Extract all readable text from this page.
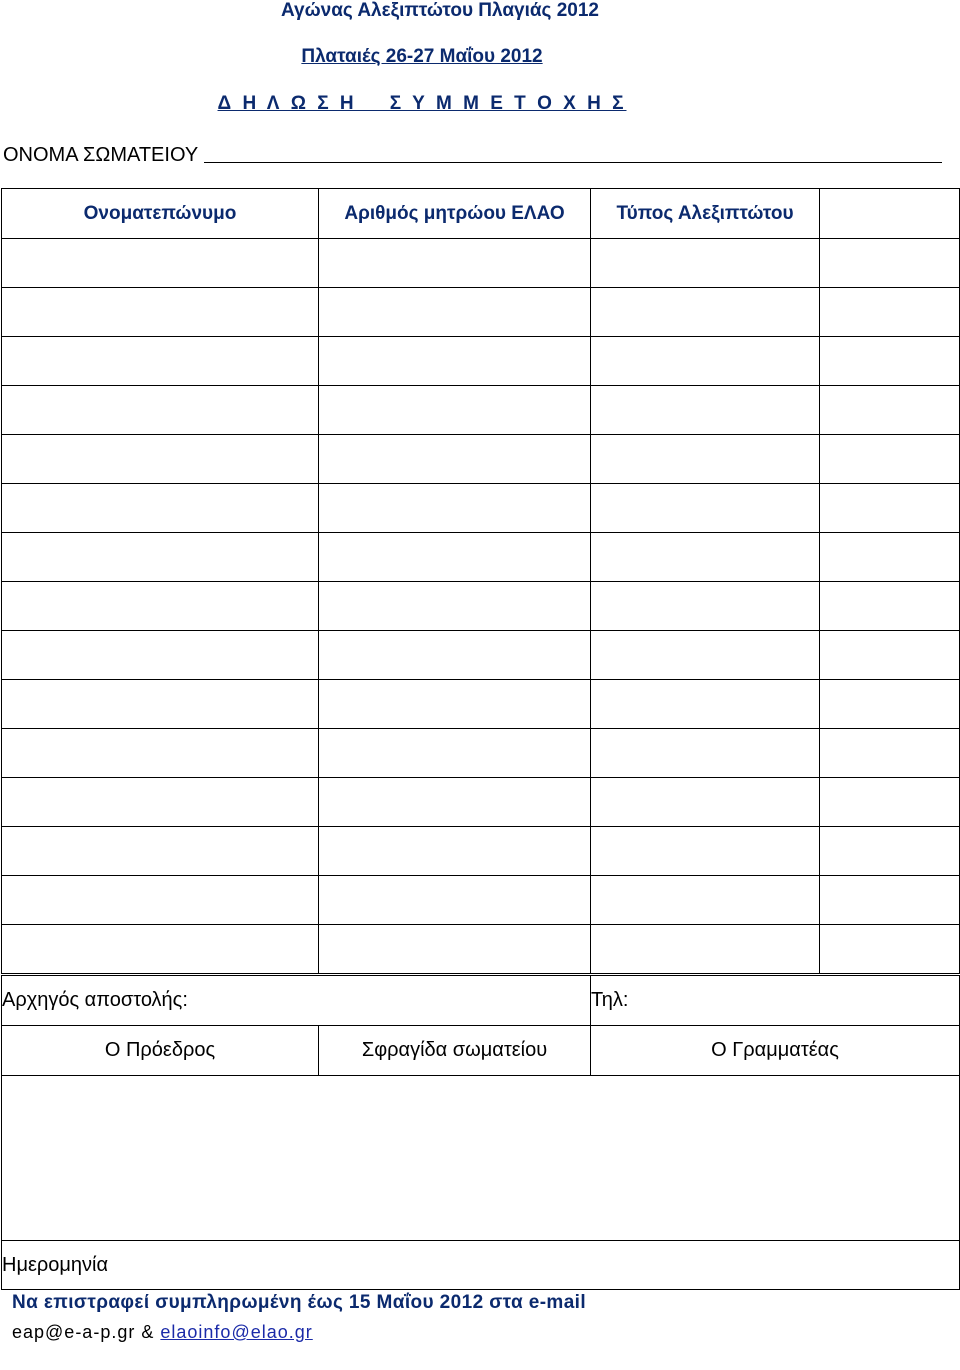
Αγώνας Αλεξιπτώτου Πλαγιάς 2012
Πλαταιές 26-27 Μαΐου 2012
Δ Η Λ Ω Σ Η    Σ Υ Μ Μ Ε Τ Ο Χ Η Σ
ΟΝΟΜΑ ΣΩΜΑΤΕΙΟΥ
Ονοματεπώνυμο	Αριθμός μητρώου ΕΛΑΟ	Τύπος Αλεξιπτώτου	

Αρχηγός αποστολής:		Τηλ:
Ο Πρόεδρος	Σφραγίδα σωματείου	Ο Γραμματέας

Ημερομηνία		
Να επιστραφεί συμπληρωμένη έως 15 Μαΐου 2012 στα e-mail
eap@e-a-p.gr & elaoinfo@elao.gr
